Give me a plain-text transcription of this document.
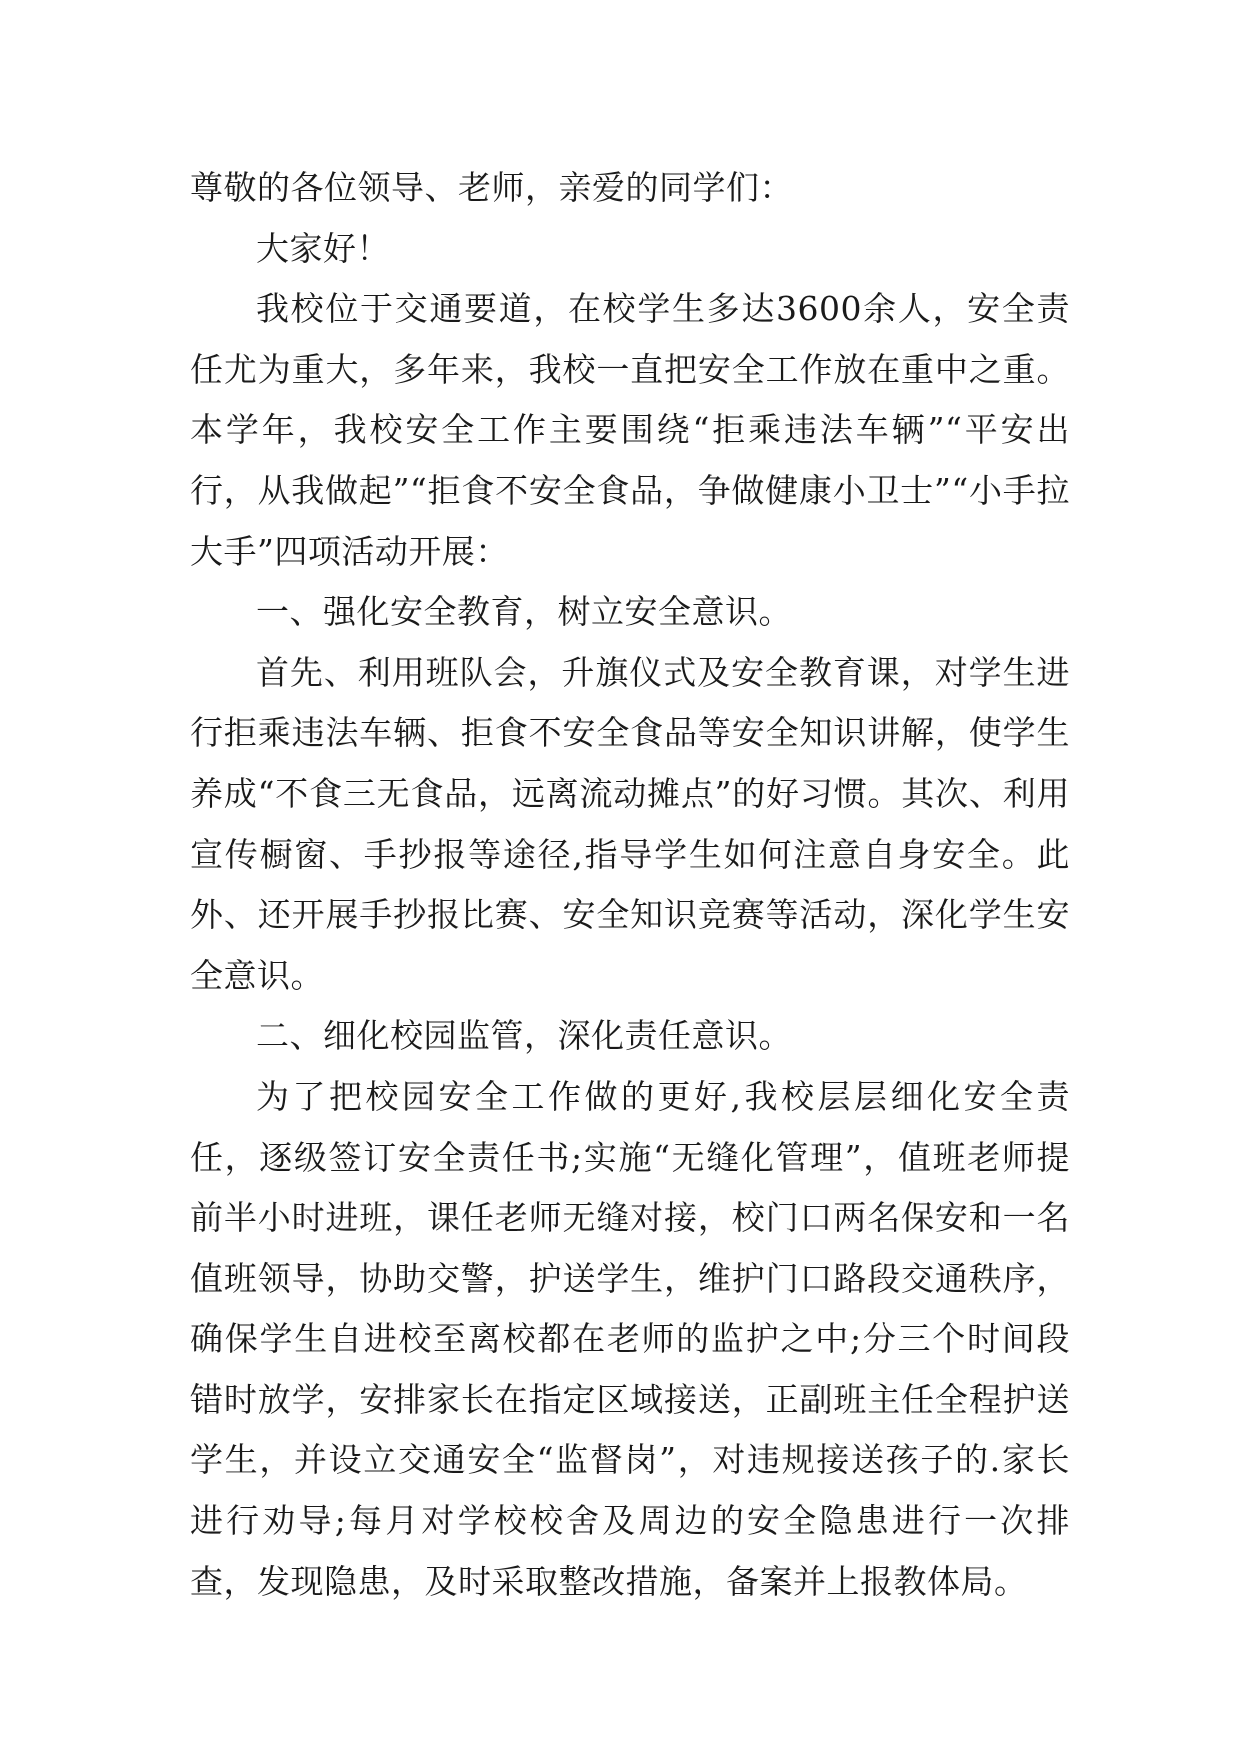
尊敬的各位领导、老师，亲爱的同学们：

大家好！

我校位于交通要道，在校学生多达3600余人，安全责任尤为重大，多年来，我校一直把安全工作放在重中之重。本学年，我校安全工作主要围绕“拒乘违法车辆”“平安出行，从我做起”“拒食不安全食品，争做健康小卫士”“小手拉大手”四项活动开展：

一、强化安全教育，树立安全意识。

首先、利用班队会，升旗仪式及安全教育课，对学生进行拒乘违法车辆、拒食不安全食品等安全知识讲解，使学生养成“不食三无食品，远离流动摊点”的好习惯。其次、利用宣传橱窗、手抄报等途径,指导学生如何注意自身安全。此外、还开展手抄报比赛、安全知识竞赛等活动，深化学生安全意识。

二、细化校园监管，深化责任意识。

为了把校园安全工作做的更好,我校层层细化安全责任，逐级签订安全责任书;实施“无缝化管理”，值班老师提前半小时进班，课任老师无缝对接，校门口两名保安和一名值班领导，协助交警，护送学生，维护门口路段交通秩序，确保学生自进校至离校都在老师的监护之中;分三个时间段错时放学，安排家长在指定区域接送，正副班主任全程护送学生，并设立交通安全“监督岗”，对违规接送孩子的.家长进行劝导;每月对学校校舍及周边的安全隐患进行一次排查，发现隐患，及时采取整改措施，备案并上报教体局。
